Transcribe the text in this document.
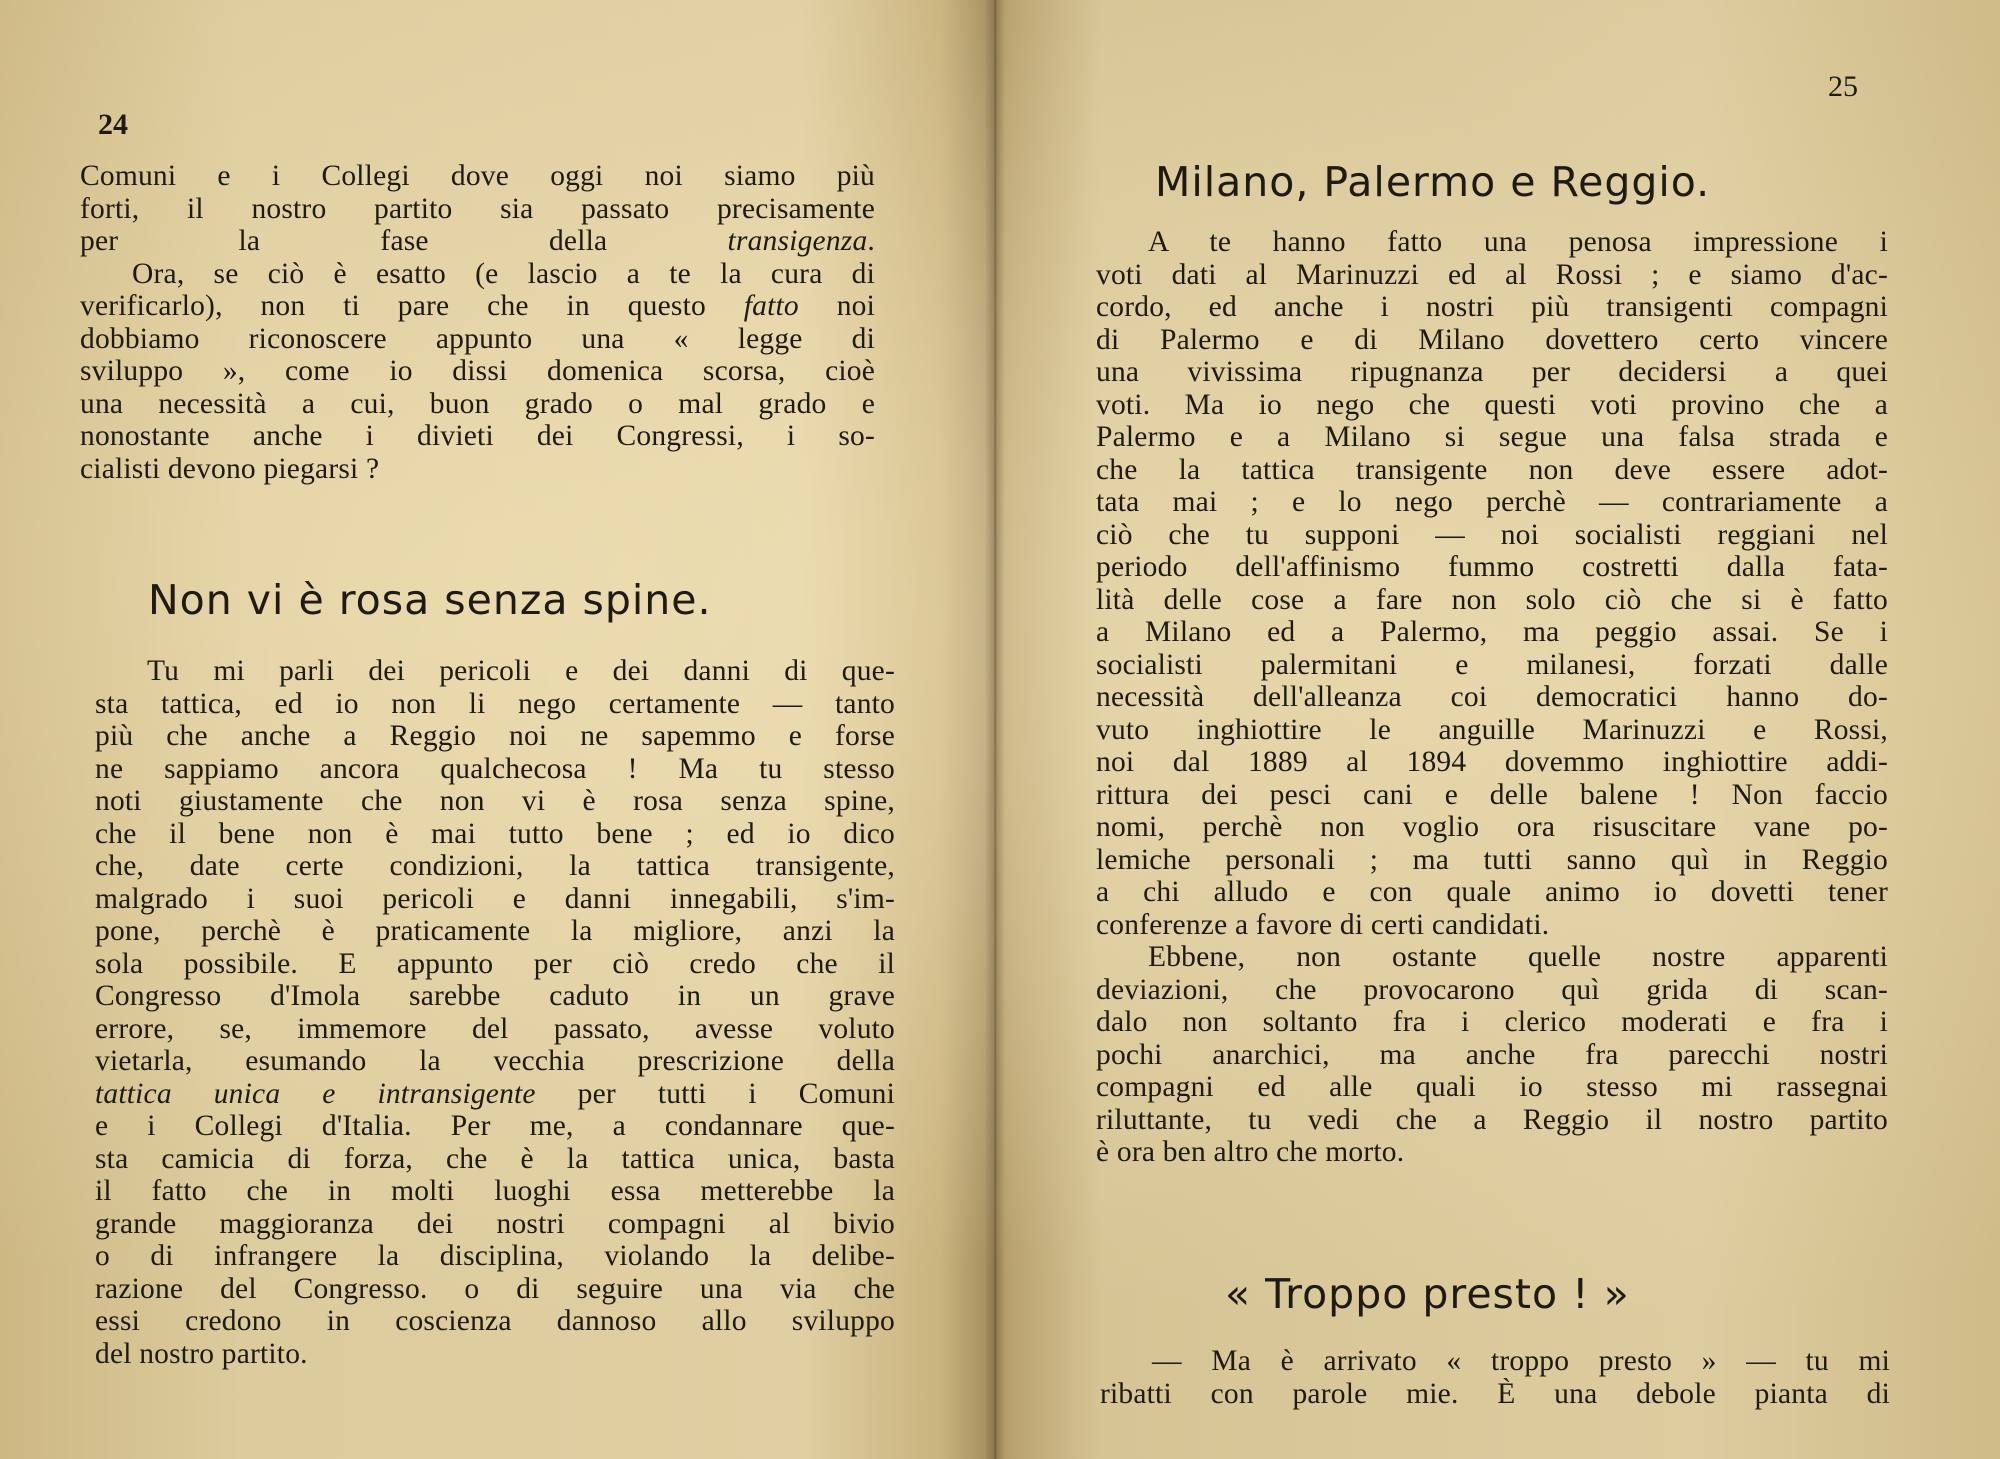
24

Comuni e i Collegi dove oggi noi siamo più
forti, il nostro partito sia passato precisamente
per la fase della transigenza.
Ora, se ciò è esatto (e lascio a te la cura di
verificarlo), non ti pare che in questo fatto noi
dobbiamo riconoscere appunto una « legge di
sviluppo », come io dissi domenica scorsa, cioè
una necessità a cui, buon grado o mal grado e
nonostante anche i divieti dei Congressi, i so-
cialisti devono piegarsi ?
Non vi è rosa senza spine.
Tu mi parli dei pericoli e dei danni di que-
sta tattica, ed io non li nego certamente — tanto
più che anche a Reggio noi ne sapemmo e forse
ne sappiamo ancora qualchecosa ! Ma tu stesso
noti giustamente che non vi è rosa senza spine,
che il bene non è mai tutto bene ; ed io dico
che, date certe condizioni, la tattica transigente,
malgrado i suoi pericoli e danni innegabili, s'im-
pone, perchè è praticamente la migliore, anzi la
sola possibile. E appunto per ciò credo che il
Congresso d'Imola sarebbe caduto in un grave
errore, se, immemore del passato, avesse voluto
vietarla, esumando la vecchia prescrizione della
tattica unica e intransigente per tutti i Comuni
e i Collegi d'Italia. Per me, a condannare que-
sta camicia di forza, che è la tattica unica, basta
il fatto che in molti luoghi essa metterebbe la
grande maggioranza dei nostri compagni al bivio
o di infrangere la disciplina, violando la delibe-
razione del Congresso. o di seguire una via che
essi credono in coscienza dannoso allo sviluppo
del nostro partito.

25

Milano, Palermo e Reggio.
A te hanno fatto una penosa impressione i
voti dati al Marinuzzi ed al Rossi ; e siamo d'ac-
cordo, ed anche i nostri più transigenti compagni
di Palermo e di Milano dovettero certo vincere
una vivissima ripugnanza per decidersi a quei
voti. Ma io nego che questi voti provino che a
Palermo e a Milano si segue una falsa strada e
che la tattica transigente non deve essere adot-
tata mai ; e lo nego perchè — contrariamente a
ciò che tu supponi — noi socialisti reggiani nel
periodo dell'affinismo fummo costretti dalla fata-
lità delle cose a fare non solo ciò che si è fatto
a Milano ed a Palermo, ma peggio assai. Se i
socialisti palermitani e milanesi, forzati dalle
necessità dell'alleanza coi democratici hanno do-
vuto inghiottire le anguille Marinuzzi e Rossi,
noi dal 1889 al 1894 dovemmo inghiottire addi-
rittura dei pesci cani e delle balene ! Non faccio
nomi, perchè non voglio ora risuscitare vane po-
lemiche personali ; ma tutti sanno quì in Reggio
a chi alludo e con quale animo io dovetti tener
conferenze a favore di certi candidati.
Ebbene, non ostante quelle nostre apparenti
deviazioni, che provocarono quì grida di scan-
dalo non soltanto fra i clerico moderati e fra i
pochi anarchici, ma anche fra parecchi nostri
compagni ed alle quali io stesso mi rassegnai
riluttante, tu vedi che a Reggio il nostro partito
è ora ben altro che morto.
« Troppo presto ! »
— Ma è arrivato « troppo presto » — tu mi
ribatti con parole mie. È una debole pianta di
